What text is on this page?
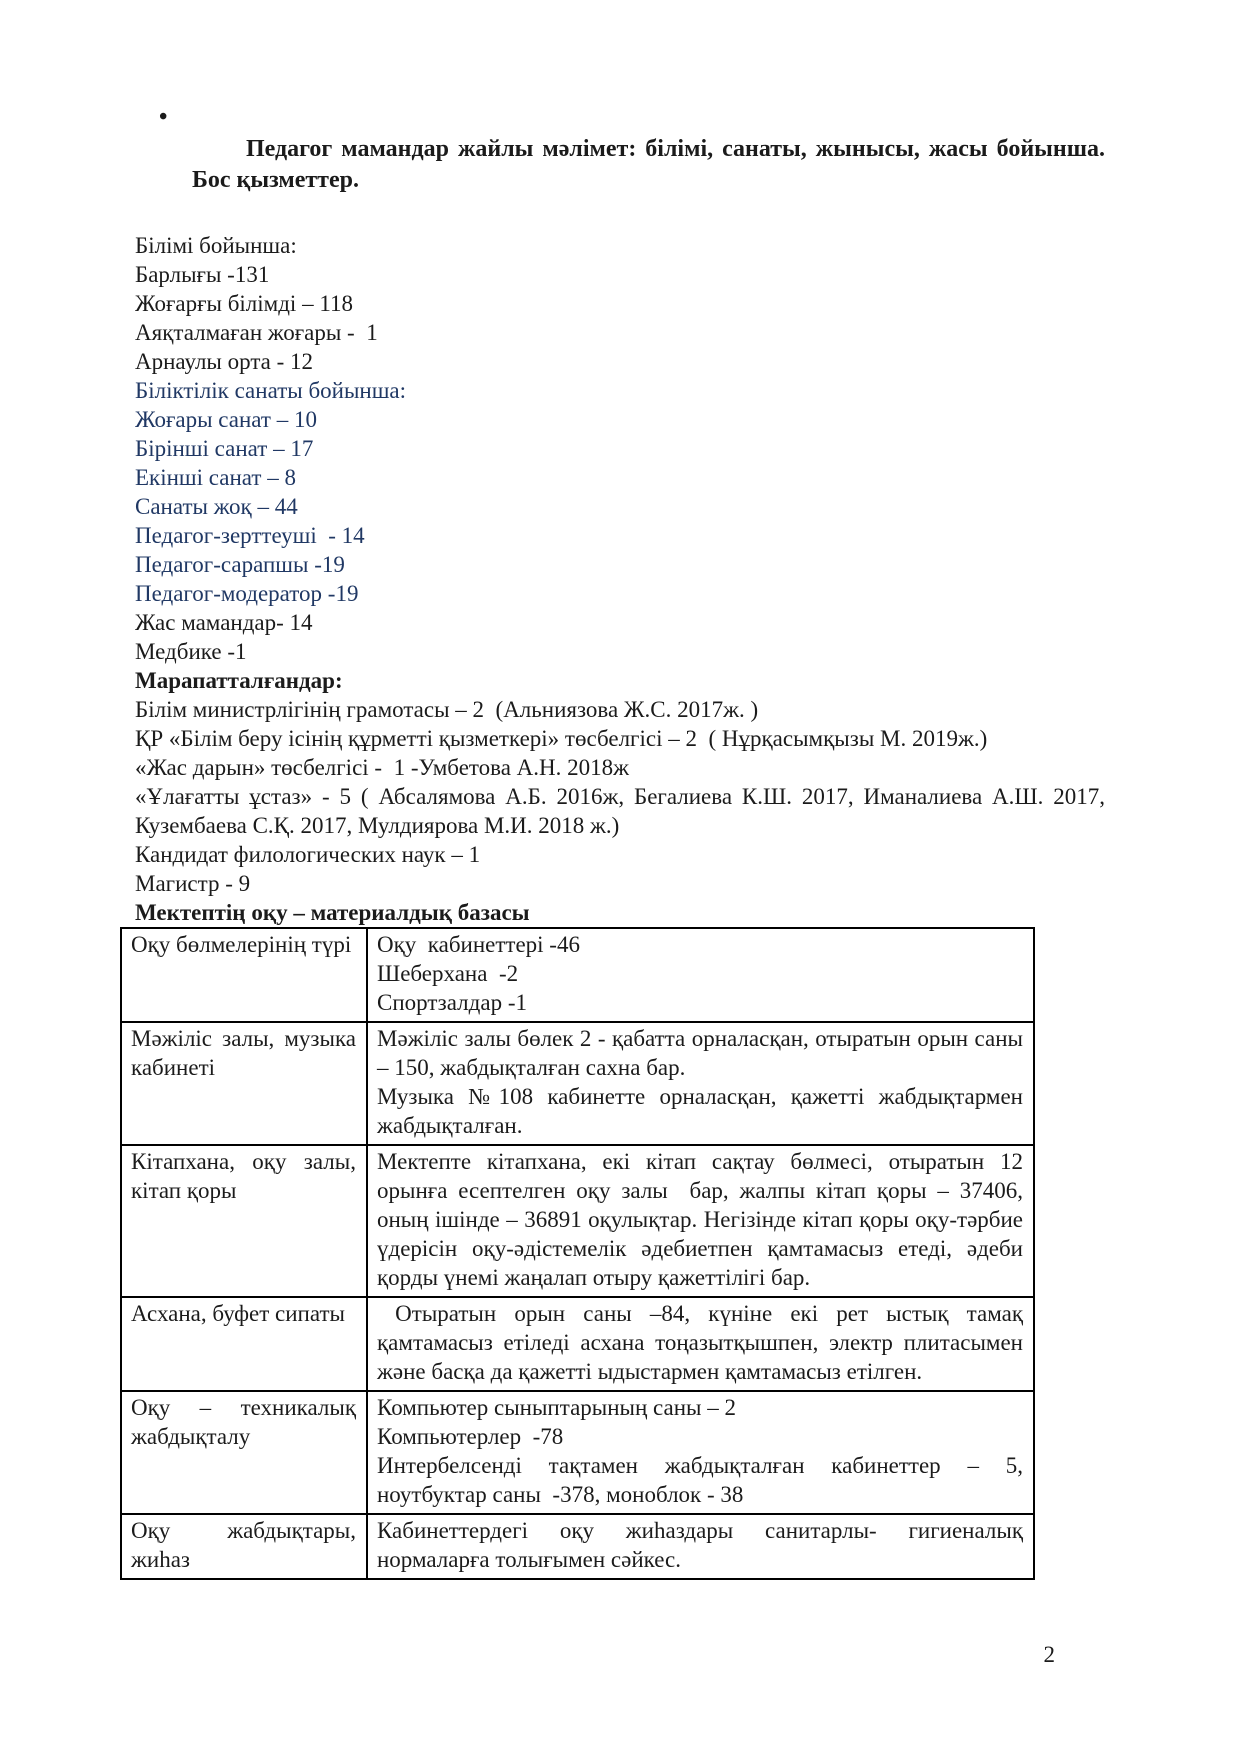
•
Педагог мамандар жайлы мәлімет: білімі, санаты, жынысы, жасы бойынша.  Бос қызметтер.

Білімі бойынша:

Барлығы -131

Жоғарғы білімді – 118

Аяқталмаған жоғары -  1

Арнаулы орта - 12

Біліктілік санаты бойынша:

Жоғары санат – 10

Бірінші санат – 17

Екінші санат – 8

Санаты жоқ – 44

Педагог-зерттеуші  - 14

Педагог-сарапшы -19

Педагог-модератор -19

Жас мамандар- 14

Медбике -1

Марапатталғандар:

Білім министрлігінің грамотасы – 2  (Альниязова Ж.С. 2017ж. )

ҚР «Білім беру ісінің құрметті қызметкері» төсбелгісі – 2  ( Нұрқасымқызы М. 2019ж.)

«Жас дарын» төсбелгісі -  1 -Умбетова А.Н. 2018ж

«Ұлағатты ұстаз» - 5 ( Абсалямова А.Б. 2016ж, Бегалиева К.Ш. 2017, Иманалиева А.Ш. 2017, Кузембаева С.Қ. 2017, Мулдиярова М.И. 2018 ж.)

Кандидат филологических наук – 1

Магистр - 9

Мектептің оқу – материалдық базасы

Оқу бөлмелерінің түрі	Оқу  кабинеттері -46

Шеберхана  -2

Спортзалдар -1

Мәжіліс залы, музыка кабинеті	Мәжіліс залы бөлек 2 - қабатта орналасқан, отыратын орын саны – 150, жабдықталған сахна бар.

Музыка №108 кабинетте орналасқан, қажетті жабдықтармен жабдықталған.

Кітапхана, оқу залы, кітап қоры	Мектепте кітапхана, екі кітап сақтау бөлмесі, отыратын 12 орынға есептелген оқу залы  бар, жалпы кітап қоры – 37406, оның ішінде – 36891 оқулықтар. Негізінде кітап қоры оқу-тәрбие үдерісін оқу-әдістемелік әдебиетпен қамтамасыз етеді, әдеби қорды үнемі жаңалап отыру қажеттілігі бар.

Асхана, буфет сипаты	Отыратын орын саны –84, күніне екі рет ыстық тамақ қамтамасыз етіледі асхана тоңазытқышпен, электр плитасымен және басқа да қажетті ыдыстармен қамтамасыз етілген.

Оқу – техникалық жабдықталу	Компьютер сыныптарының саны – 2

Компьютерлер  -78

Интербелсенді тақтамен жабдықталған кабинеттер – 5,  ноутбуктар саны  -378, моноблок - 38

Оқу жабдықтары, жиһаз	Кабинеттердегі оқу жиһаздары санитарлы- гигиеналық нормаларға толығымен сәйкес.

2
